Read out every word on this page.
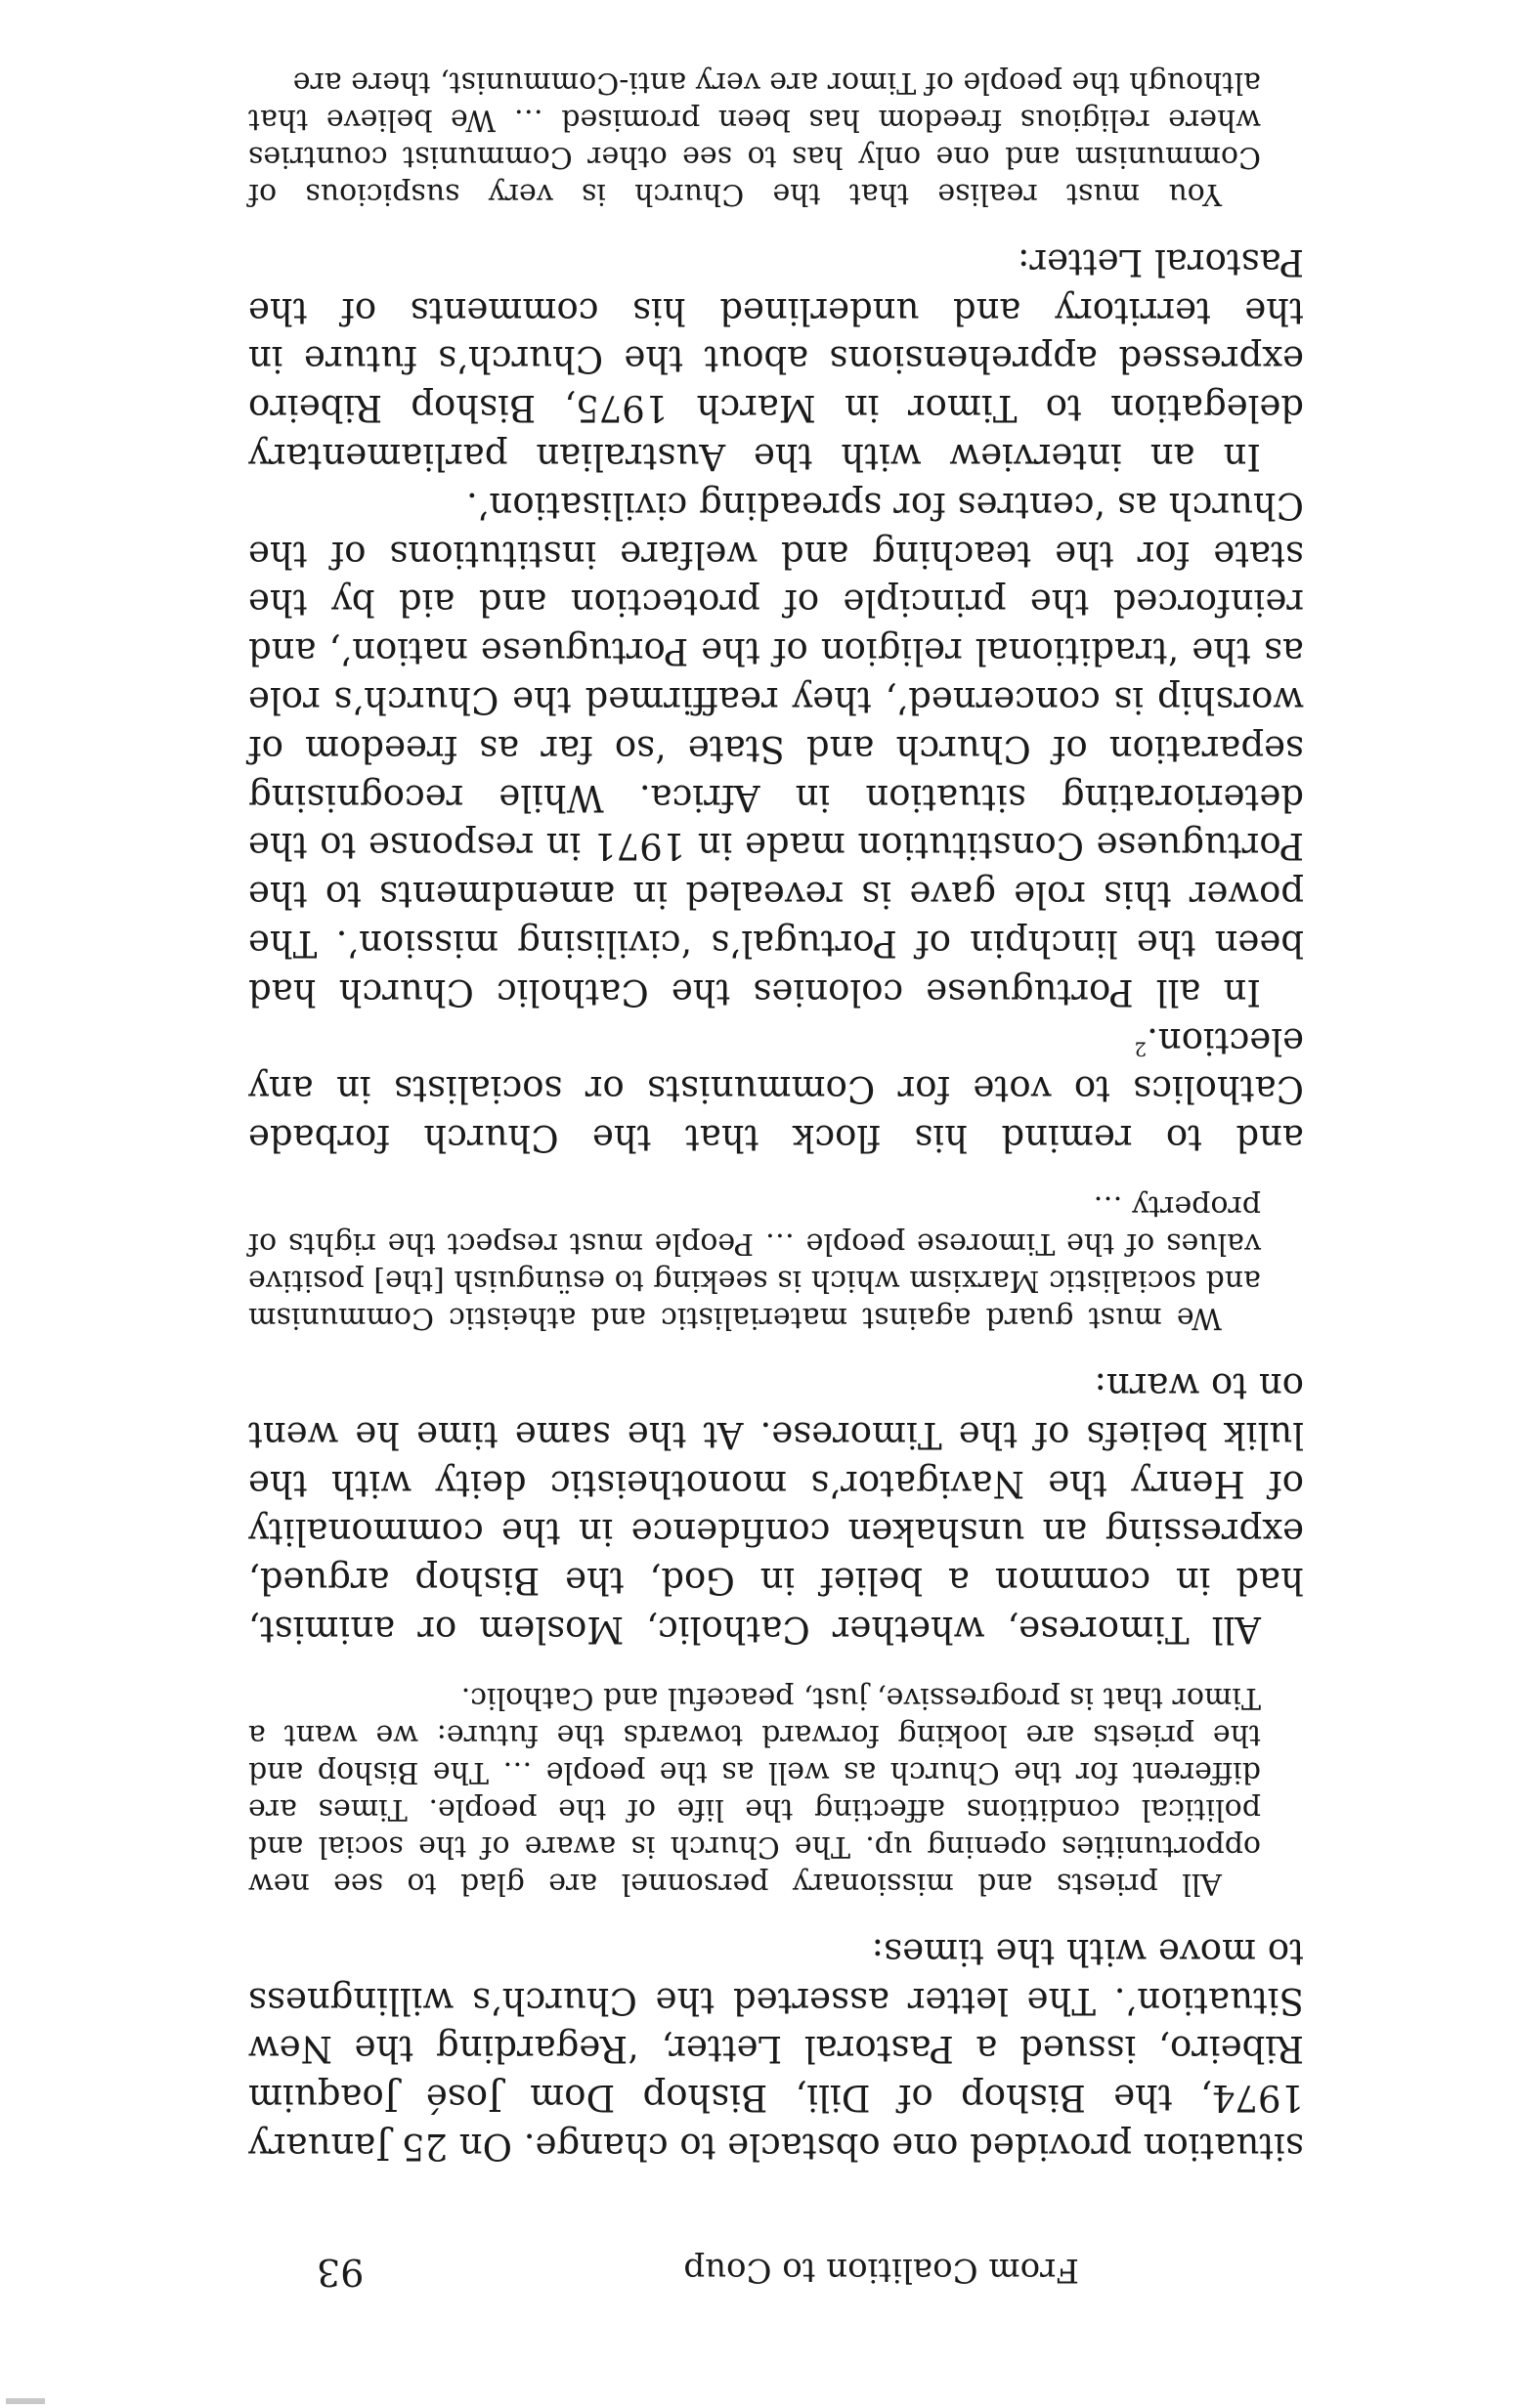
From Coalition to Coup
93

situation provided one obstacle to change. On 25 January 1974, the Bishop of Dili, Bishop Dom José Joaquim Ribeiro, issued a Pastoral Letter, ‘Regarding the New Situation’. The letter asserted the Church’s willingness to move with the times:

All priests and missionary personnel are glad to see new opportunities opening up. The Church is aware of the social and political conditions affecting the life of the people. Times are different for the Church as well as the people … The Bishop and the priests are looking forward towards the future: we want a Timor that is progressive, just, peaceful and Catholic.

All Timorese, whether Catholic, Moslem or animist, had in common a belief in God, the Bishop argued, expressing an unshaken confidence in the commonality of Henry the Navigator’s monotheistic deity with the lulik beliefs of the Timorese. At the same time he went on to warn:

We must guard against materialistic and atheistic Communism and socialistic Marxism which is seeking to esünguish [the] positive values of the Timorese people … People must respect the rights of property …

and to remind his flock that the Church forbade Catholics to vote for Communists or socialists in any election.$^2$

In all Portuguese colonies the Catholic Church had been the linchpin of Portugal’s ‘civilising mission’. The power this role gave is revealed in amendments to the Portuguese Constitution made in 1971 in response to the deteriorating situation in Africa. While recognising separation of Church and State ‘so far as freedom of worship is concerned’, they reaffirmed the Church’s role as the ‘traditional religion of the Portuguese nation’, and reinforced the principle of protection and aid by the state for the teaching and welfare institutions of the Church as ‘centres for spreading civilisation’.

In an interview with the Australian parliamentary delegation to Timor in March 1975, Bishop Ribeiro expressed apprehensions about the Church’s future in the territory and underlined his comments of the Pastoral Letter:

You must realise that the Church is very suspicious of Communism and one only has to see other Communist countries where religious freedom has been promised … We believe that although the people of Timor are very anti-Communist, there are
